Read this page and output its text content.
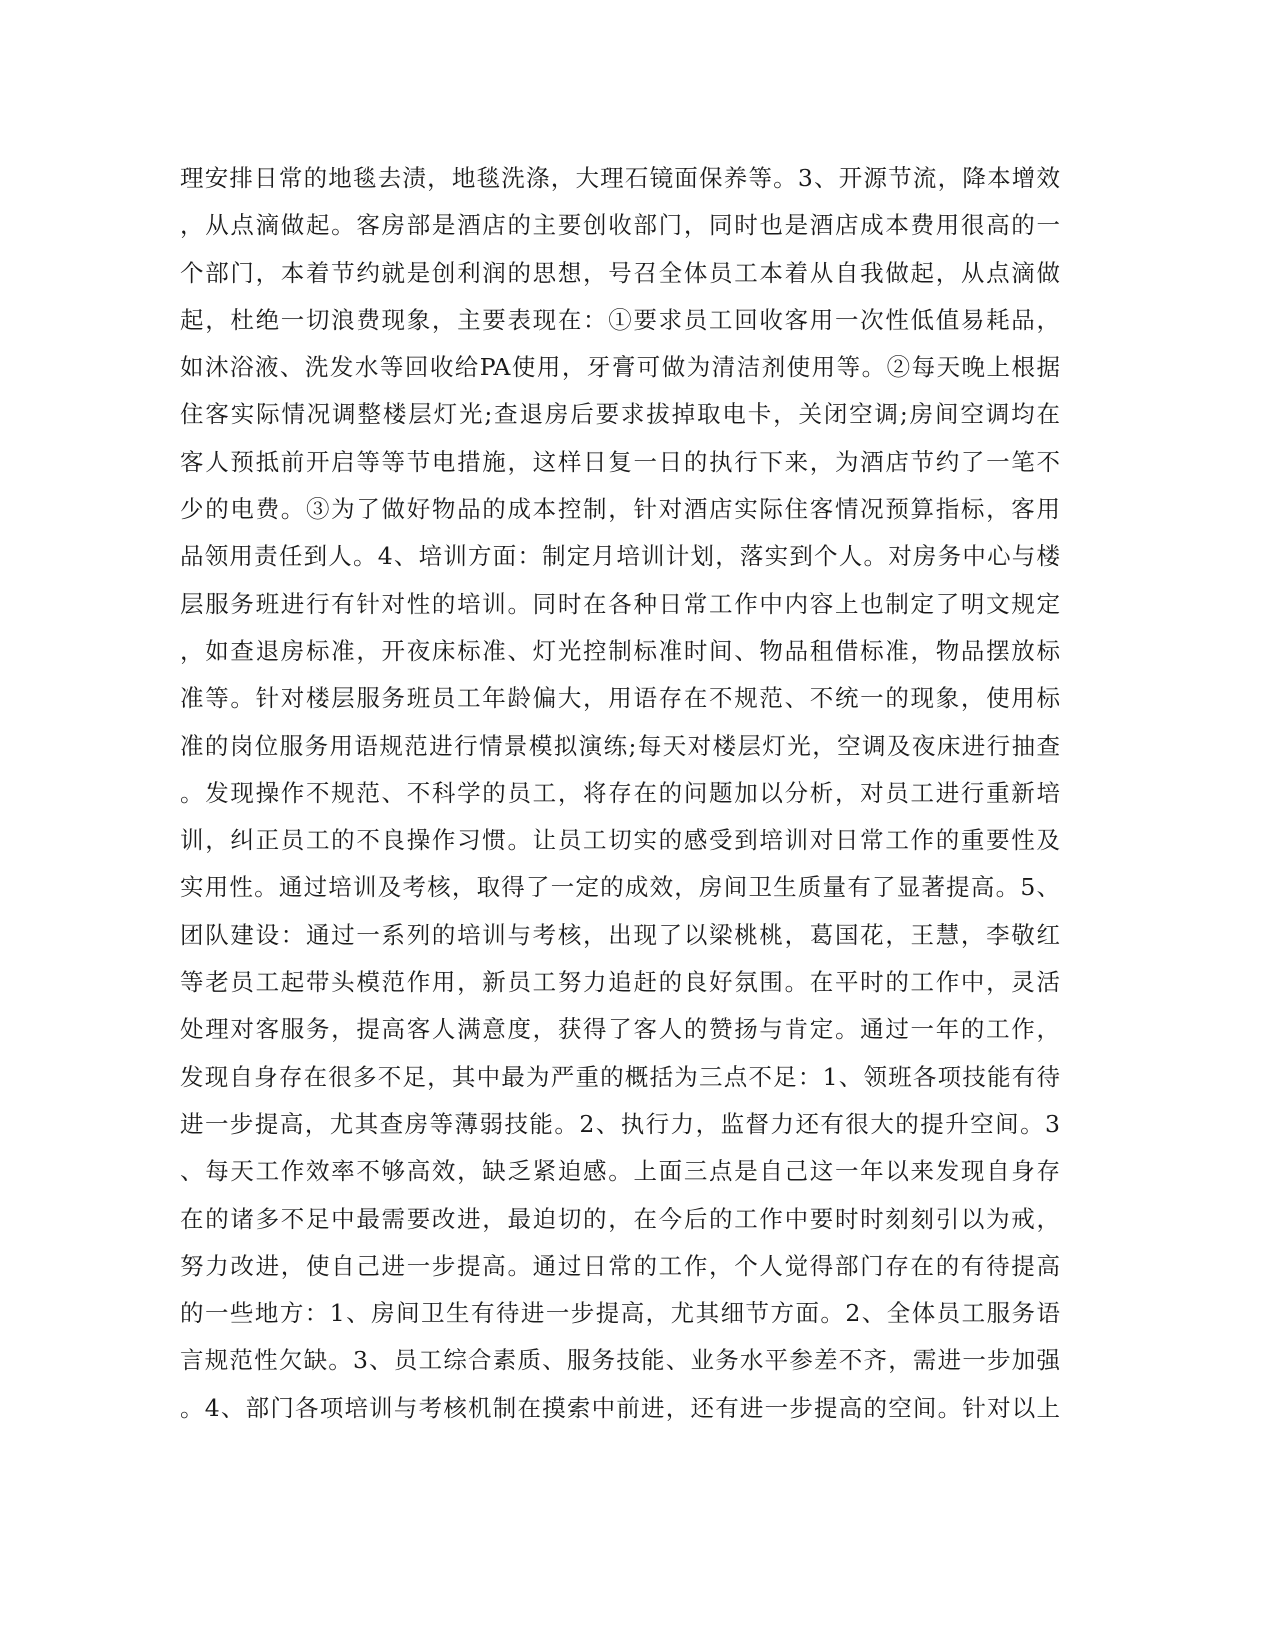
理安排日常的地毯去渍，地毯洗涤，大理石镜面保养等。3、开源节流，降本增效
，从点滴做起。客房部是酒店的主要创收部门，同时也是酒店成本费用很高的一
个部门，本着节约就是创利润的思想，号召全体员工本着从自我做起，从点滴做
起，杜绝一切浪费现象，主要表现在：①要求员工回收客用一次性低值易耗品，
如沐浴液、洗发水等回收给PA使用，牙膏可做为清洁剂使用等。②每天晚上根据
住客实际情况调整楼层灯光;查退房后要求拔掉取电卡，关闭空调;房间空调均在
客人预抵前开启等等节电措施，这样日复一日的执行下来，为酒店节约了一笔不
少的电费。③为了做好物品的成本控制，针对酒店实际住客情况预算指标，客用
品领用责任到人。4、培训方面：制定月培训计划，落实到个人。对房务中心与楼
层服务班进行有针对性的培训。同时在各种日常工作中内容上也制定了明文规定
，如查退房标准，开夜床标准、灯光控制标准时间、物品租借标准，物品摆放标
准等。针对楼层服务班员工年龄偏大，用语存在不规范、不统一的现象，使用标
准的岗位服务用语规范进行情景模拟演练;每天对楼层灯光，空调及夜床进行抽查
。发现操作不规范、不科学的员工，将存在的问题加以分析，对员工进行重新培
训，纠正员工的不良操作习惯。让员工切实的感受到培训对日常工作的重要性及
实用性。通过培训及考核，取得了一定的成效，房间卫生质量有了显著提高。5、
团队建设：通过一系列的培训与考核，出现了以梁桃桃，葛国花，王慧，李敬红
等老员工起带头模范作用，新员工努力追赶的良好氛围。在平时的工作中，灵活
处理对客服务，提高客人满意度，获得了客人的赞扬与肯定。通过一年的工作，
发现自身存在很多不足，其中最为严重的概括为三点不足：1、领班各项技能有待
进一步提高，尤其查房等薄弱技能。2、执行力，监督力还有很大的提升空间。3
、每天工作效率不够高效，缺乏紧迫感。上面三点是自己这一年以来发现自身存
在的诸多不足中最需要改进，最迫切的，在今后的工作中要时时刻刻引以为戒，
努力改进，使自己进一步提高。通过日常的工作，个人觉得部门存在的有待提高
的一些地方：1、房间卫生有待进一步提高，尤其细节方面。2、全体员工服务语
言规范性欠缺。3、员工综合素质、服务技能、业务水平参差不齐，需进一步加强
。4、部门各项培训与考核机制在摸索中前进，还有进一步提高的空间。针对以上
